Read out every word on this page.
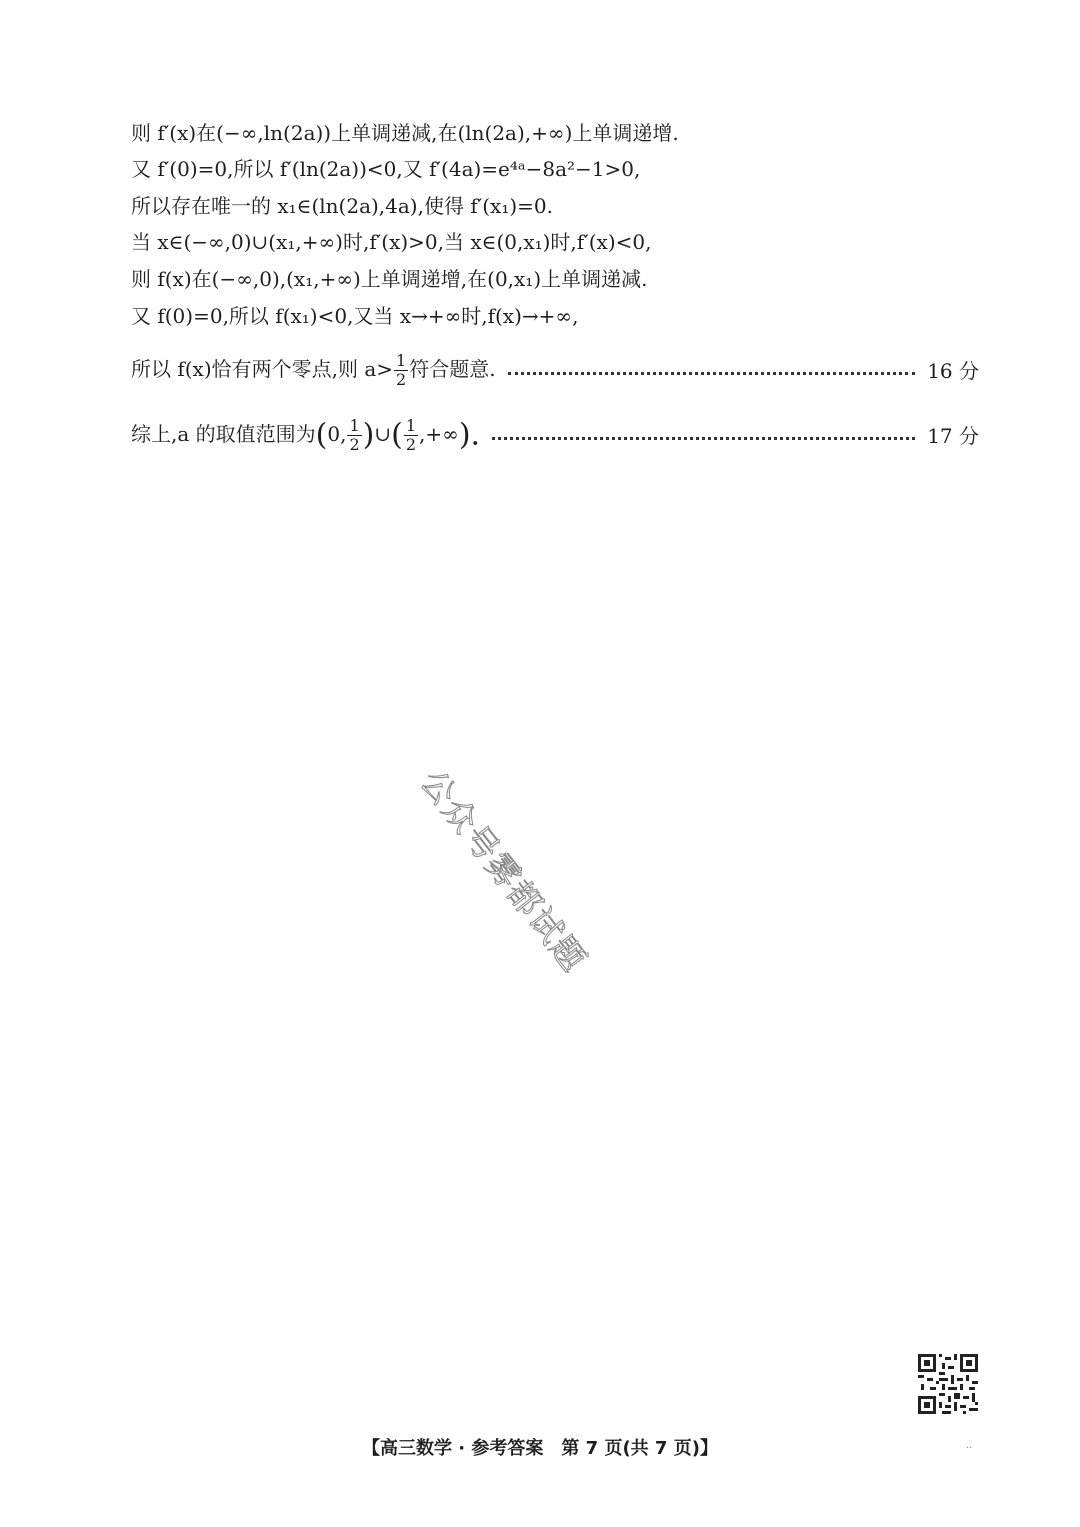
则 f′(x)在(−∞,ln(2a))上单调递减,在(ln(2a),+∞)上单调递增.
又 f′(0)=0,所以 f′(ln(2a))<0,又 f′(4a)=e⁴ᵃ−8a²−1>0,
所以存在唯一的 x₁∈(ln(2a),4a),使得 f′(x₁)=0.
当 x∈(−∞,0)∪(x₁,+∞)时,f′(x)>0,当 x∈(0,x₁)时,f′(x)<0,
则 f(x)在(−∞,0),(x₁,+∞)上单调递增,在(0,x₁)上单调递减.
又 f(0)=0,所以 f(x₁)<0,又当 x→+∞时,f(x)→+∞,
所以 f(x)恰有两个零点,则 $a> \frac{1}{2}$ 符合题意.	16 分
综上,a 的取值范围为(0, $\frac{1}{2}$ )∪( $\frac{1}{2}$ ,+∞).	17 分
公众号雾都试题
【高三数学 · 参考答案　第 7 页(共 7 页)】	..
